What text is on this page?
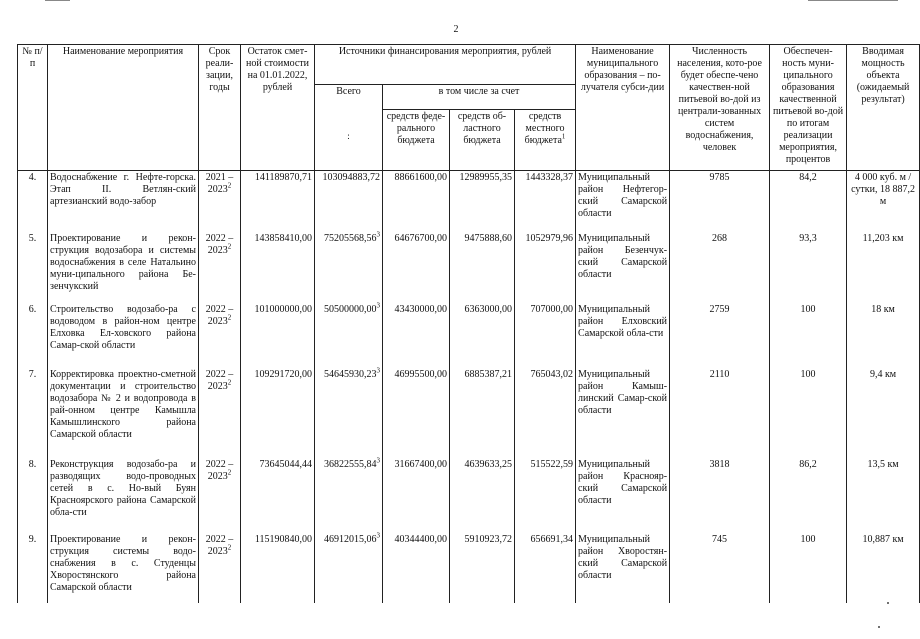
2
№ п/п	Наименование мероприятия	Срок реали-зации, годы	Остаток смет-ной стоимости на 01.01.2022, рублей	Источники финансирования мероприятия, рублей				Наименование муниципального образования – по-лучателя субси-дии	Численность населения, кото-рое будет обеспе-чено качествен-ной питьевой во-дой из централи-зованных систем водоснабжения, человек	Обеспечен-ность муни-ципального образования качественной питьевой во-дой по итогам реализации мероприятия, процентов	Вводимая мощность объекта (ожидаемый результат)

				Всего
:	в том числе за счет						
					средств феде-рального бюджета	средств об-ластного бюджета	средств местного бюджета$^1$
4.	Водоснабжение г. Нефте-горска. Этап II. Ветлян-ский артезианский водо-забор	2021 – 2023$^2$	141189870,71	103094883,72	88661600,00	12989955,35	1443328,37	Муниципальный район Нефтегор-ский Самарской области	9785	84,2	4 000 куб. м / сутки, 18 887,2 м
5.	Проектирование и рекон-струкция водозабора и системы водоснабжения в селе Натальино муни-ципального района Бе-зенчукский	2022 – 2023$^2$	143858410,00	75205568,56$^3$	64676700,00	9475888,60	1052979,96	Муниципальный район Безенчук-ский Самарской области	268	93,3	11,203 км
6.	Строительство водозабо-ра с водоводом в район-ном центре Елховка Ел-ховского района Самар-ской области	2022 – 2023$^2$	101000000,00	50500000,00$^3$	43430000,00	6363000,00	707000,00	Муниципальный район Елховский Самарской обла-сти	2759	100	18 км
7.	Корректировка проектно-сметной документации и строительство водозабора № 2 и водопровода в рай-онном центре Камышла Камышлинского района Самарской области	2022 – 2023$^2$	109291720,00	54645930,23$^3$	46995500,00	6885387,21	765043,02	Муниципальный район Камыш-линский Самар-ской области	2110	100	9,4 км
8.	Реконструкция водозабо-ра и разводящих водо-проводных сетей в с. Но-вый Буян Красноярского района Самарской обла-сти	2022 – 2023$^2$	73645044,44	36822555,84$^3$	31667400,00	4639633,25	515522,59	Муниципальный район Краснояр-ский Самарской области	3818	86,2	13,5 км
9.	Проектирование и рекон-струкция системы водо-снабжения в с. Студенцы Хворостянского района Самарской области	2022 – 2023$^2$	115190840,00	46912015,06$^3$	40344400,00	5910923,72	656691,34	Муниципальный район Хворостян-ский Самарской области	745	100	10,887 км
